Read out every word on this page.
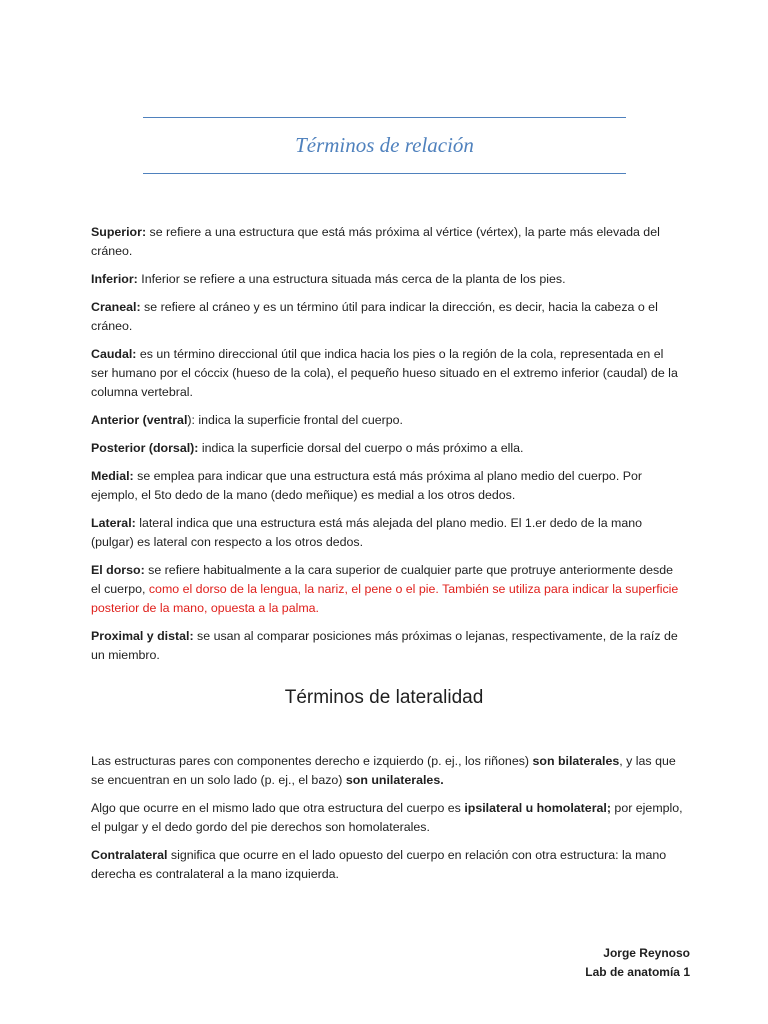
Términos de relación

Superior: se refiere a una estructura que está más próxima al vértice (vértex), la parte más elevada del cráneo.

Inferior: Inferior se refiere a una estructura situada más cerca de la planta de los pies.

Craneal: se refiere al cráneo y es un término útil para indicar la dirección, es decir, hacia la cabeza o el cráneo.

Caudal: es un término direccional útil que indica hacia los pies o la región de la cola, representada en el ser humano por el cóccix (hueso de la cola), el pequeño hueso situado en el extremo inferior (caudal) de la columna vertebral.

Anterior (ventral): indica la superficie frontal del cuerpo.

Posterior (dorsal): indica la superficie dorsal del cuerpo o más próximo a ella.

Medial: se emplea para indicar que una estructura está más próxima al plano medio del cuerpo. Por ejemplo, el 5to dedo de la mano (dedo meñique) es medial a los otros dedos.

Lateral: lateral indica que una estructura está más alejada del plano medio. El 1.er dedo de la mano (pulgar) es lateral con respecto a los otros dedos.

El dorso: se refiere habitualmente a la cara superior de cualquier parte que protruye anteriormente desde el cuerpo, como el dorso de la lengua, la nariz, el pene o el pie. También se utiliza para indicar la superficie posterior de la mano, opuesta a la palma.

Proximal y distal: se usan al comparar posiciones más próximas o lejanas, respectivamente, de la raíz de un miembro.

Términos de lateralidad

Las estructuras pares con componentes derecho e izquierdo (p. ej., los riñones) son bilaterales, y las que se encuentran en un solo lado (p. ej., el bazo) son unilaterales.

Algo que ocurre en el mismo lado que otra estructura del cuerpo es ipsilateral u homolateral; por ejemplo, el pulgar y el dedo gordo del pie derechos son homolaterales.

Contralateral significa que ocurre en el lado opuesto del cuerpo en relación con otra estructura: la mano derecha es contralateral a la mano izquierda.

Jorge Reynoso
Lab de anatomía 1
